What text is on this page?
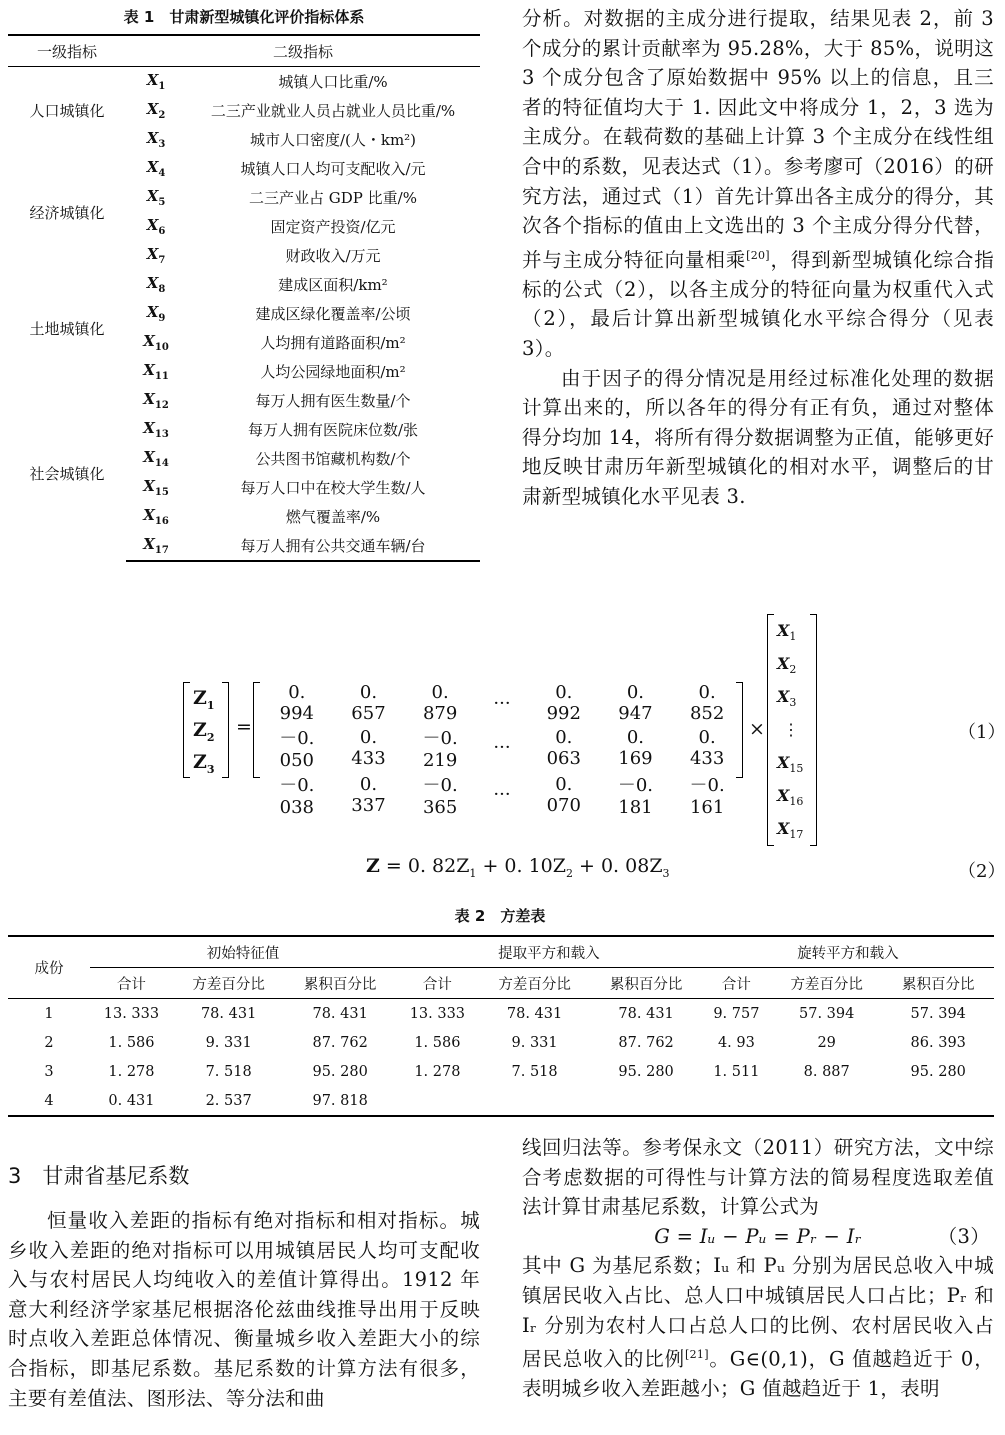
表 1　甘肃新型城镇化评价指标体系
一级指标	二级指标	
人口城镇化	$X_1$	城镇人口比重/%
	$X_2$	二三产业就业人员占就业人员比重/%
	$X_3$	城市人口密度/(人・km²)
经济城镇化	$X_4$	城镇人口人均可支配收入/元
	$X_5$	二三产业占 GDP 比重/%
	$X_6$	固定资产投资/亿元
	$X_7$	财政收入/万元
土地城镇化	$X_8$	建成区面积/km²
	$X_9$	建成区绿化覆盖率/公顷
	$X_{10}$	人均拥有道路面积/m²
	$X_{11}$	人均公园绿地面积/m²
社会城镇化	$X_{12}$	每万人拥有医生数量/个
	$X_{13}$	每万人拥有医院床位数/张
	$X_{14}$	公共图书馆藏机构数/个
	$X_{15}$	每万人口中在校大学生数/人
	$X_{16}$	燃气覆盖率/%
	$X_{17}$	每万人拥有公共交通车辆/台

分析。对数据的主成分进行提取，结果见表 2，前 3 个成分的累计贡献率为 95.28%，大于 85%，说明这 3 个成分包含了原始数据中 95% 以上的信息，且三者的特征值均大于 1. 因此文中将成分 1，2，3 选为主成分。在载荷数的基础上计算 3 个主成分在线性组合中的系数，见表达式（1）。参考廖可（2016）的研究方法，通过式（1）首先计算出各主成分的得分，其次各个指标的值由上文选出的 3 个主成分得分代替，并与主成分特征向量相乘[20]，得到新型城镇化综合指标的公式（2），以各主成分的特征向量为权重代入式（2），最后计算出新型城镇化水平综合得分（见表 3）。

由于因子的得分情况是用经过标准化处理的数据计算出来的，所以各年的得分有正有负，通过对整体得分均加 14，将所有得分数据调整为正值，能够更好地反映甘肃历年新型城镇化的相对水平，调整后的甘肃新型城镇化水平见表 3.

$Z_1$
$Z_2$
$Z_3$
=
0. 994	0. 657	0. 879	···	0. 992	0. 947	0. 852
－0. 050	0. 433	－0. 219	···	0. 063	0. 169	0. 433
－0. 038	0. 337	－0. 365	···	0. 070	－0. 181	－0. 161
×
$X_1$
$X_2$
$X_3$
⋮
$X_{15}$
$X_{16}$
$X_{17}$
（1）
Z = 0. $82Z_1 + 0$. $10Z_2 + 0$. $08Z_3$	（2）
表 2　方差表
成份	初始特征值			提取平方和载入			旋转平方和载入		
	合计	方差百分比	累积百分比	合计	方差百分比	累积百分比	合计	方差百分比	累积百分比
1	13. 333	78. 431	78. 431	13. 333	78. 431	78. 431	9. 757	57. 394	57. 394
2	1. 586	9. 331	87. 762	1. 586	9. 331	87. 762	4. 93	29	86. 393
3	1. 278	7. 518	95. 280	1. 278	7. 518	95. 280	1. 511	8. 887	95. 280
4	0. 431	2. 537	97. 818						
3　甘肃省基尼系数

恒量收入差距的指标有绝对指标和相对指标。城乡收入差距的绝对指标可以用城镇居民人均可支配收入与农村居民人均纯收入的差值计算得出。1912 年意大利经济学家基尼根据洛伦兹曲线推导出用于反映时点收入差距总体情况、衡量城乡收入差距大小的综合指标，即基尼系数。基尼系数的计算方法有很多，主要有差值法、图形法、等分法和曲

线回归法等。参考保永文（2011）研究方法，文中综合考虑数据的可得性与计算方法的简易程度选取差值法计算甘肃基尼系数，计算公式为

G = Iᵤ − Pᵤ = Pᵣ − Iᵣ	（3）

其中 G 为基尼系数；Iᵤ 和 Pᵤ 分别为居民总收入中城镇居民收入占比、总人口中城镇居民人口占比；Pᵣ 和 Iᵣ 分别为农村人口占总人口的比例、农村居民收入占居民总收入的比例[21]。G∈(0,1)，G 值越趋近于 0，表明城乡收入差距越小；G 值越趋近于 1，表明
